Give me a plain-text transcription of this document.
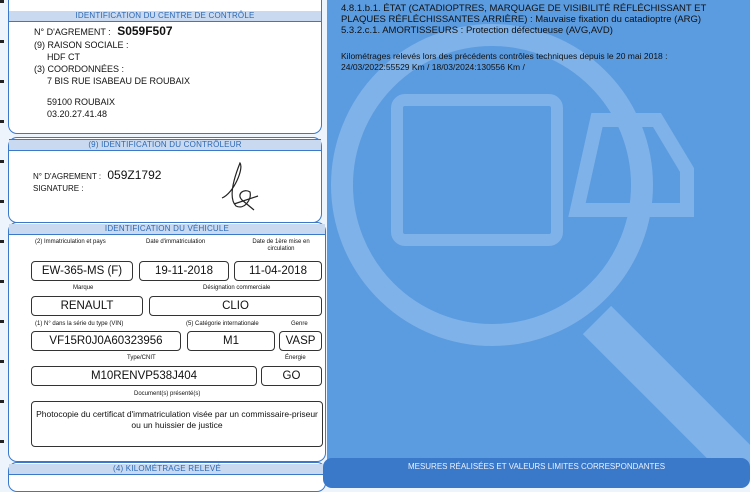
IDENTIFICATION DU CENTRE DE CONTRÔLE
N° D'AGREMENT : S059F507
(9) RAISON SOCIALE :
HDF CT
(3) COORDONNÉES :
7 BIS RUE ISABEAU DE ROUBAIX
59100 ROUBAIX
03.20.27.41.48
(9) IDENTIFICATION DU CONTRÔLEUR
N° D'AGREMENT : 059Z1792
SIGNATURE :
IDENTIFICATION DU VÉHICULE
(2) Immatriculation et pays	Date d'immatriculation	Date de 1ère mise en circulation
EW-365-MS (F)	19-11-2018	11-04-2018
Marque	Désignation commerciale
RENAULT	CLIO
(1) N° dans la série du type (VIN)	(5) Catégorie internationale	Genre
VF15R0J0A60323956	M1	VASP
Type/CNIT	Énergie
M10RENVP538J404	GO
Document(s) présenté(s)
Photocopie du certificat d'immatriculation visée par un commissaire-priseur ou un huissier de justice
(4) KILOMÉTRAGE RELEVÉ
4.8.1.b.1. ÉTAT (CATADIOPTRES, MARQUAGE DE VISIBILITÉ RÉFLÉCHISSANT ET
PLAQUES RÉFLÉCHISSANTES ARRIÈRE) : Mauvaise fixation du catadioptre (ARG)
5.3.2.c.1. AMORTISSEURS : Protection défectueuse (AVG,AVD)
Kilométrages relevés lors des précédents contrôles techniques depuis le 20 mai 2018 :
24/03/2022:55529 Km / 18/03/2024:130556 Km /
MESURES RÉALISÉES ET VALEURS LIMITES CORRESPONDANTES
